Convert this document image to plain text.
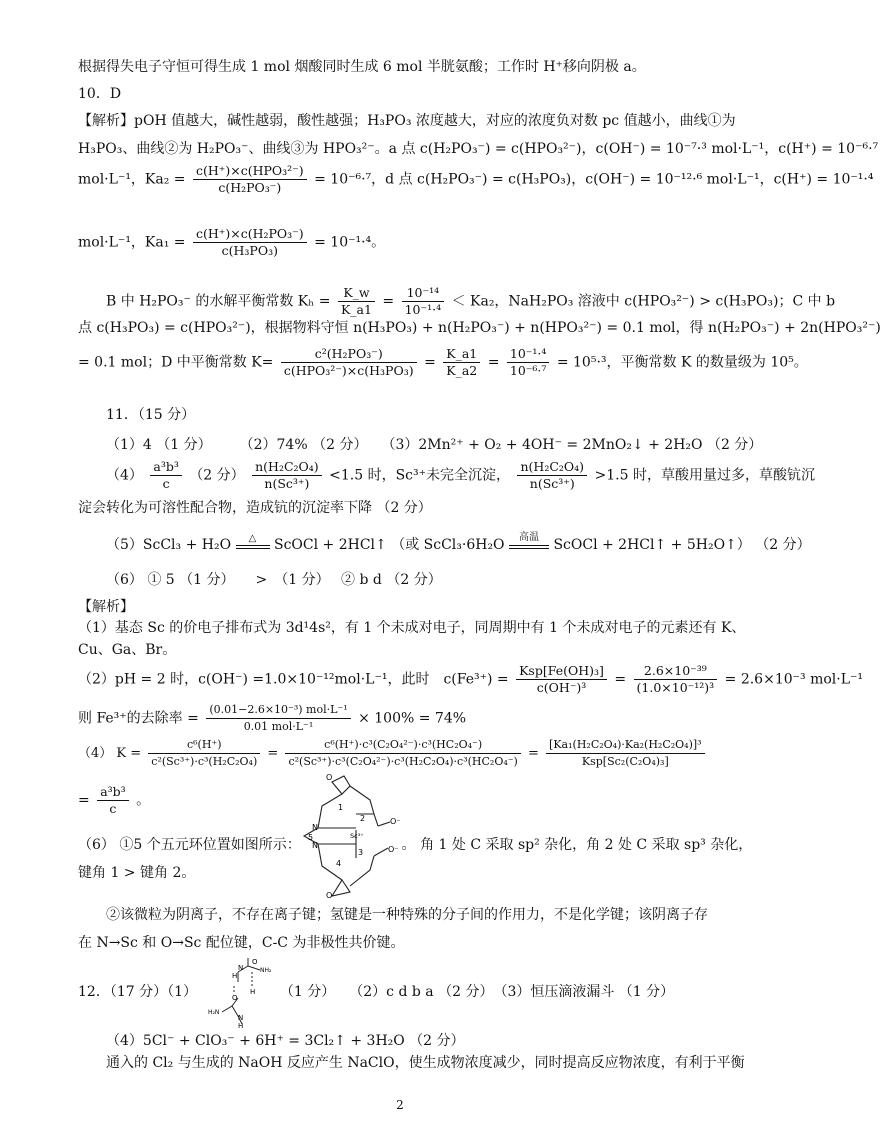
根据得失电子守恒可得生成 1 mol 烟酸同时生成 6 mol 半胱氨酸；工作时 H⁺移向阴极 a。
10．D
【解析】pOH 值越大，碱性越弱，酸性越强；H₃PO₃ 浓度越大，对应的浓度负对数 pc 值越小，曲线①为
H₃PO₃、曲线②为 H₂PO₃⁻、曲线③为 HPO₃²⁻。a 点 c(H₂PO₃⁻) = c(HPO₃²⁻)，c(OH⁻) = 10⁻⁷·³ mol·L⁻¹，c(H⁺) = 10⁻⁶·⁷
mol·L⁻¹，$Ka_2 = \frac{\text{c(H⁺)×c(HPO₃²⁻)}}{\text{c(H₂PO₃⁻)}} = 10^{-6}\cdot^7$，d 点 c(H₂PO₃⁻) = c(H₃PO₃)，c(OH⁻) = 10⁻¹²·⁶ mol·L⁻¹，c(H⁺) = 10⁻¹·⁴
mol·L⁻¹，$Ka_1 = \frac{\text{c(H⁺)×c(H₂PO₃⁻)}}{\text{c(H₃PO₃)}} = 10^{-1}\cdot^4$。
B 中 H₂PO₃⁻ 的水解平衡常数 $K_h = \frac{K\_w}{K\_a1} = \frac{\text{10⁻¹⁴}}{\text{10⁻¹·⁴}} < Ka_2$，NaH₂PO₃ 溶液中 c(HPO₃²⁻) > c(H₃PO₃)；C 中 b
点 c(H₃PO₃) = c(HPO₃²⁻)，根据物料守恒 n(H₃PO₃) + n(H₂PO₃⁻) + n(HPO₃²⁻) = 0.1 mol，得 n(H₂PO₃⁻) + 2n(HPO₃²⁻)
= 0.1 mol；D 中平衡常数 $K= \frac{\text{c²(H₂PO₃⁻)}}{\text{c(HPO₃²⁻)×c(H₃PO₃)}} = \frac{K\_a1}{K\_a2} = \frac{\text{10⁻¹·⁴}}{\text{10⁻⁶·⁷}} = 10^5\cdot^3$，平衡常数 K 的数量级为 10⁵。
11．（15 分）
（1）4 （1 分）　　　（2）74% （2 分）　　（3）2Mn²⁺ + O₂ + 4OH⁻ = 2MnO₂↓ + 2H₂O （2 分）
$(4) \frac{\text{a³b³}}{c} (2$ 分） $\frac{\text{n(H₂C₂O₄)}}{\text{n(Sc³⁺)}} <1.5$ 时，Sc³⁺未完全沉淀， $\frac{\text{n(H₂C₂O₄)}}{\text{n(Sc³⁺)}} >1.5$ 时，草酸用量过多，草酸钪沉
淀会转化为可溶性配合物，造成钪的沉淀率下降 （2 分）
（5）ScCl₃ + H₂O	△	ScOCl + 2HCl↑ （或 ScCl₃·6H₂O	高温	ScOCl + 2HCl↑ + 5H₂O↑） （2 分）
（6） ① 5 （1 分）　　>　（1 分）　 ② b d （2 分）
【解析】
（1）基态 Sc 的价电子排布式为 3d¹4s²，有 1 个未成对电子，同周期中有 1 个未成对电子的元素还有 K、
Cu、Ga、Br。
（2）pH = 2 时，c(OH⁻) =1.0×10⁻¹²mol·L⁻¹，此时　$c(Fe^{3+}) = \frac{\text{Ksp[Fe(OH)₃]}}{\text{c(OH⁻)³}} = \frac{\text{2.6×10⁻³⁹}}{\text{(1.0×10⁻¹²)³}} = 2.6\times 10^{-3}$ mol·L⁻¹
则 Fe³⁺的去除率 = $\frac{\text{(0.01−2.6×10⁻³) mol·L⁻¹}}{\text{0.01 mol·L⁻¹}} \times 100\% = 74\%$
（4） $K = \frac{\text{c⁶(H⁺)}}{\text{c²(Sc³⁺)·c³(H₂C₂O₄)}} = \frac{\text{c⁶(H⁺)·c³(C₂O₄²⁻)·c³(HC₂O₄⁻)}}{\text{c²(Sc³⁺)·c³(C₂O₄²⁻)·c³(H₂C₂O₄)·c³(HC₂O₄⁻)}} = \frac{\text{[Ka₁(H₂C₂O₄)·Ka₂(H₂C₂O₄)]³}}{\text{Ksp[Sc₂(C₂O₄)₃]}}$
= $\frac{\text{a³b³}}{c}$ 。	1
2
3
4
5	Sc³⁺
N
N
O
O
O⁻
O⁻
（6） ①5 个五元环位置如图所示：	。 角 1 处 C 采取 sp² 杂化，角 2 处 C 采取 sp³ 杂化，
键角 1 > 键角 2。
②该微粒为阴离子，不存在离子键；氢键是一种特殊的分子间的作用力，不是化学键；该阴离子存
在 N→Sc 和 O→Sc 配位键，C-C 为非极性共价键。
H
N
O
NH₂
H
O
H₂N
N
H
12．（17 分）（1）	（1 分）　　（2）c d b a （2 分）　（3）恒压滴液漏斗 （1 分）
（4）5Cl⁻ + ClO₃⁻ + 6H⁺ = 3Cl₂↑ + 3H₂O （2 分）
通入的 Cl₂ 与生成的 NaOH 反应产生 NaClO，使生成物浓度减少，同时提高反应物浓度，有利于平衡
2
